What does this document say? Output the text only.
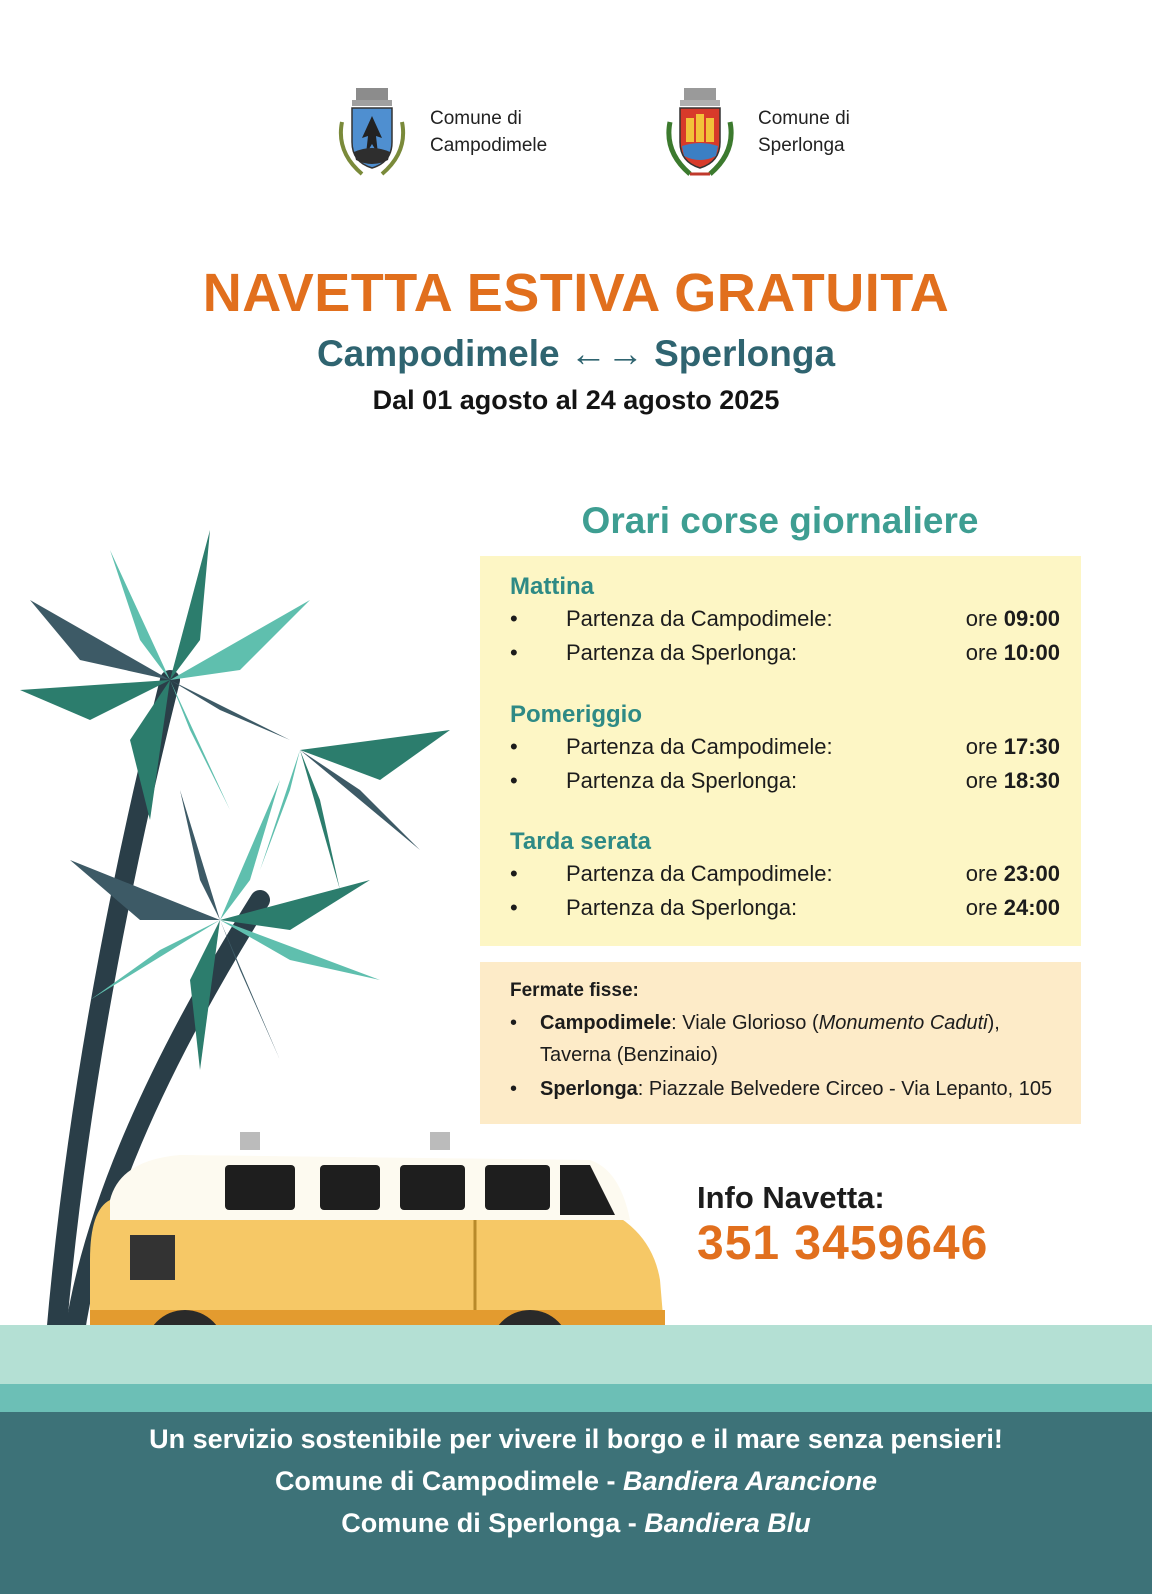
Comune di
Campodimele
Comune di
Sperlonga
NAVETTA ESTIVA GRATUITA
Campodimele ←→ Sperlonga
Dal 01 agosto al 24 agosto 2025
Orari corse giornaliere
Mattina
• Partenza da Campodimele:	ore 09:00
• Partenza da Sperlonga:	ore 10:00
Pomeriggio
• Partenza da Campodimele:	ore 17:30
• Partenza da Sperlonga:	ore 18:30
Tarda serata
• Partenza da Campodimele:	ore 23:00
• Partenza da Sperlonga:	ore 24:00
Fermate fisse:
• Campodimele: Viale Glorioso (Monumento Caduti),
Taverna (Benzinaio)
• Sperlonga: Piazzale Belvedere Circeo - Via Lepanto, 105
Info Navetta:
351 3459646
Un servizio sostenibile per vivere il borgo e il mare senza pensieri!
Comune di Campodimele - Bandiera Arancione
Comune di Sperlonga - Bandiera Blu
